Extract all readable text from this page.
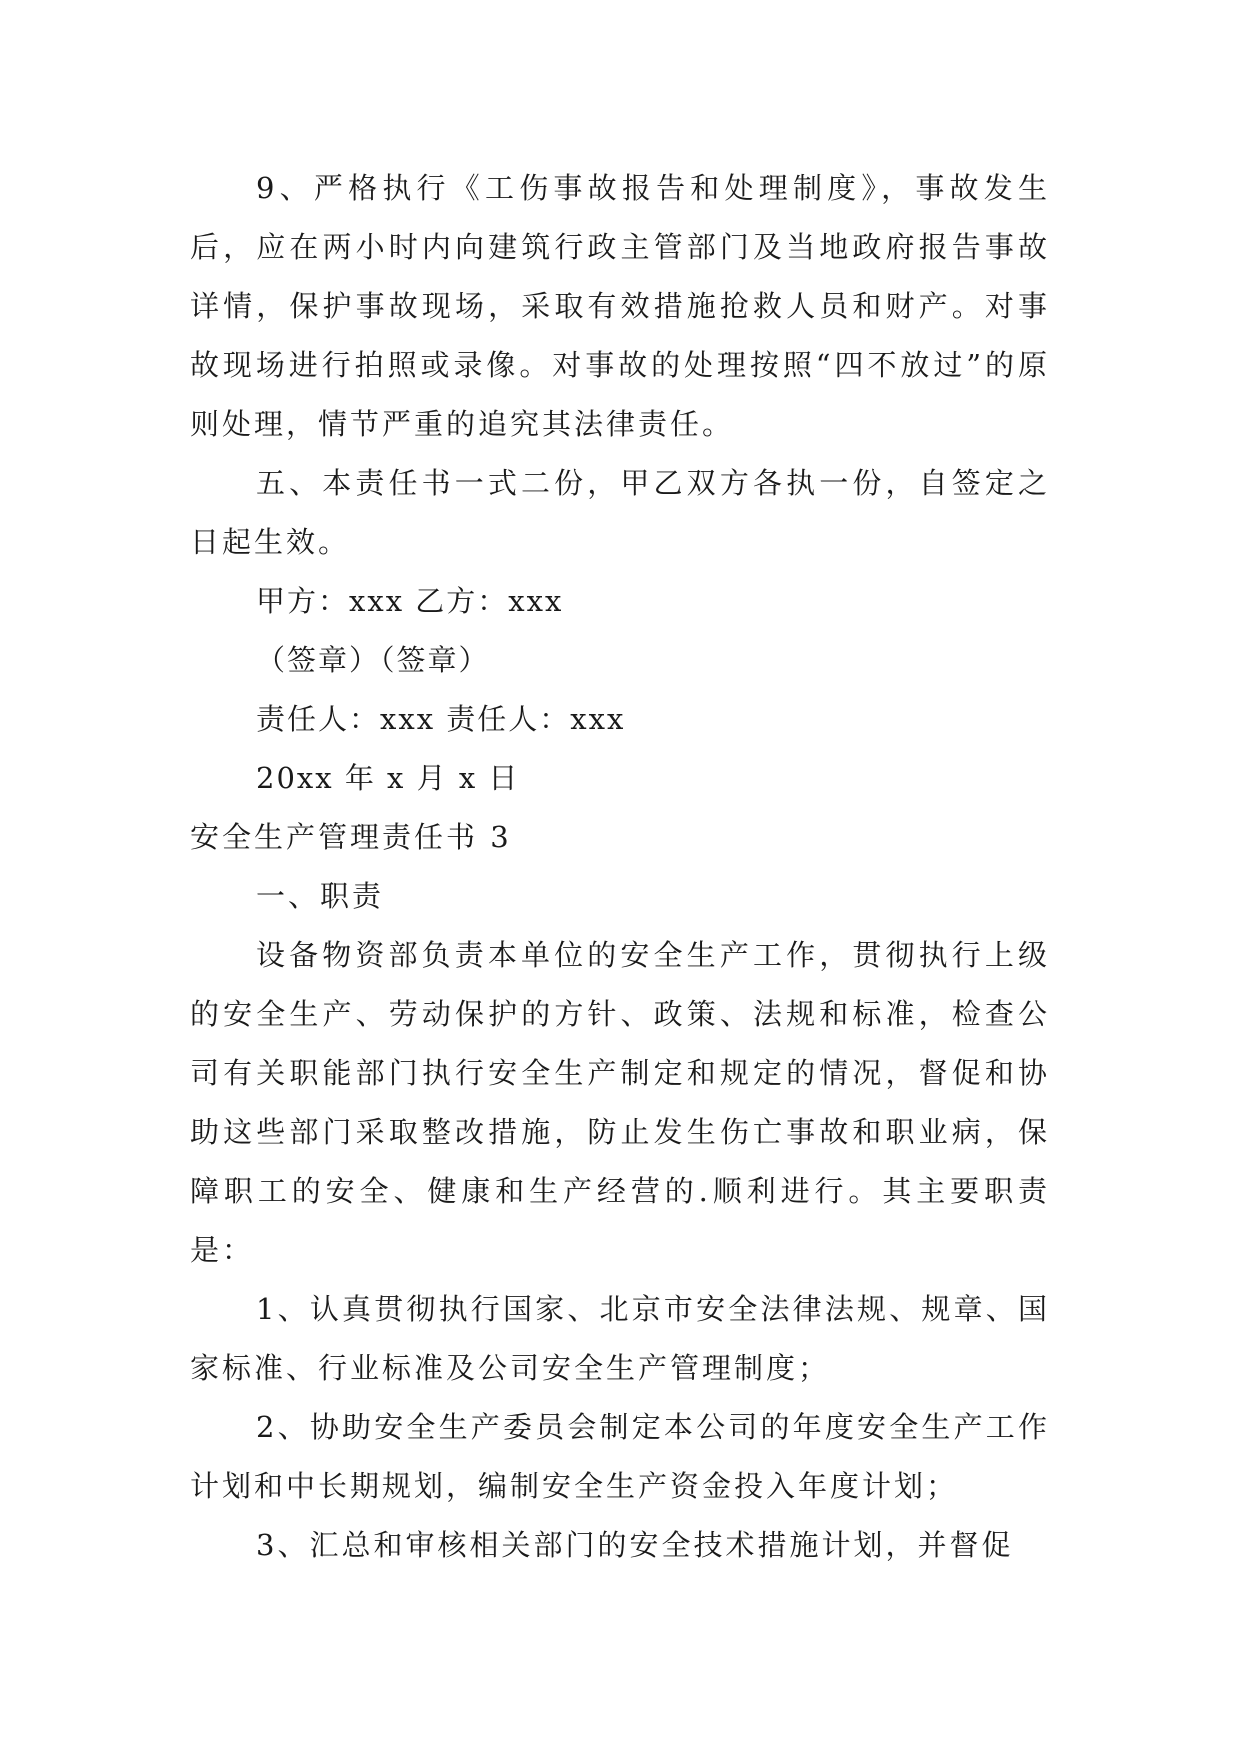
9、严格执行《工伤事故报告和处理制度》，事故发生后，应在两小时内向建筑行政主管部门及当地政府报告事故详情，保护事故现场，采取有效措施抢救人员和财产。对事故现场进行拍照或录像。对事故的处理按照“四不放过”的原则处理，情节严重的追究其法律责任。

五、本责任书一式二份，甲乙双方各执一份，自签定之日起生效。

甲方：xxx 乙方：xxx

（签章）（签章）

责任人：xxx 责任人：xxx

20xx 年 x 月 x 日

安全生产管理责任书 3

一、职责

设备物资部负责本单位的安全生产工作，贯彻执行上级的安全生产、劳动保护的方针、政策、法规和标准，检查公司有关职能部门执行安全生产制定和规定的情况，督促和协助这些部门采取整改措施，防止发生伤亡事故和职业病，保障职工的安全、健康和生产经营的.顺利进行。其主要职责是：

1、认真贯彻执行国家、北京市安全法律法规、规章、国家标准、行业标准及公司安全生产管理制度；

2、协助安全生产委员会制定本公司的年度安全生产工作计划和中长期规划，编制安全生产资金投入年度计划；

3、汇总和审核相关部门的安全技术措施计划，并督促
